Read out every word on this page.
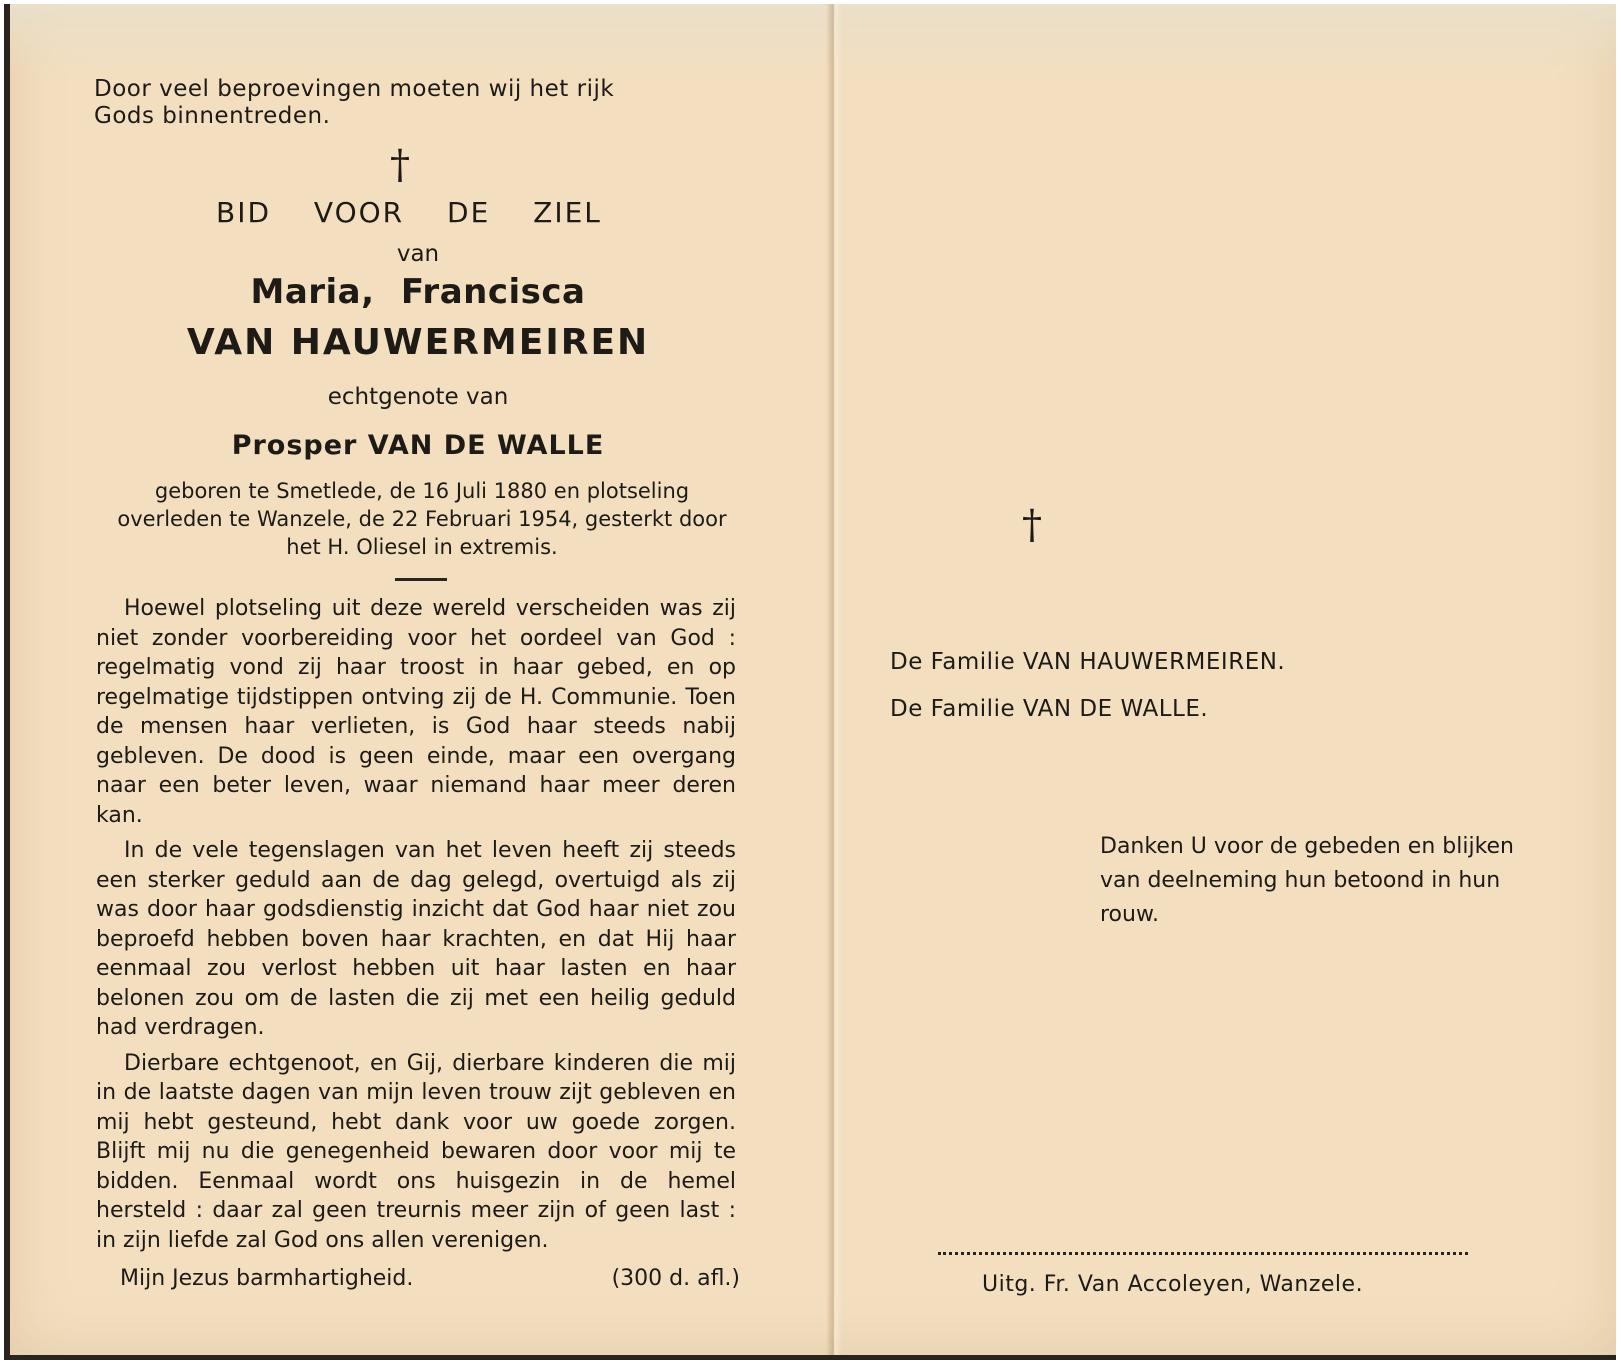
Door veel beproevingen moeten wij het rijk
Gods binnentreden.
†
BID VOOR DE ZIEL
van
Maria, Francisca
VAN HAUWERMEIREN
echtgenote van
Prosper VAN DE WALLE
geboren te Smetlede, de 16 Juli 1880 en plotseling overleden te Wanzele, de 22 Februari 1954, gesterkt door het H. Oliesel in extremis.

Hoewel plotseling uit deze wereld verscheiden was zij niet zonder voorbereiding voor het oordeel van God : regelmatig vond zij haar troost in haar gebed, en op regelmatige tijdstippen ontving zij de H. Communie. Toen de mensen haar verlieten, is God haar steeds nabij gebleven. De dood is geen einde, maar een overgang naar een beter leven, waar niemand haar meer deren kan.

In de vele tegenslagen van het leven heeft zij steeds een sterker geduld aan de dag gelegd, overtuigd als zij was door haar godsdienstig inzicht dat God haar niet zou beproefd hebben boven haar krachten, en dat Hij haar eenmaal zou verlost hebben uit haar lasten en haar belonen zou om de lasten die zij met een heilig geduld had verdragen.

Dierbare echtgenoot, en Gij, dierbare kinderen die mij in de laatste dagen van mijn leven trouw zijt gebleven en mij hebt gesteund, hebt dank voor uw goede zorgen. Blijft mij nu die genegenheid bewaren door voor mij te bidden. Eenmaal wordt ons huisgezin in de hemel hersteld : daar zal geen treurnis meer zijn of geen last : in zijn liefde zal God ons allen verenigen.

Mijn Jezus barmhartigheid.	(300 d. afl.)
†
De Familie VAN HAUWERMEIREN.
De Familie VAN DE WALLE.
Danken U voor de gebeden en blijken van deelneming hun betoond in hun rouw.
Uitg. Fr. Van Accoleyen, Wanzele.
